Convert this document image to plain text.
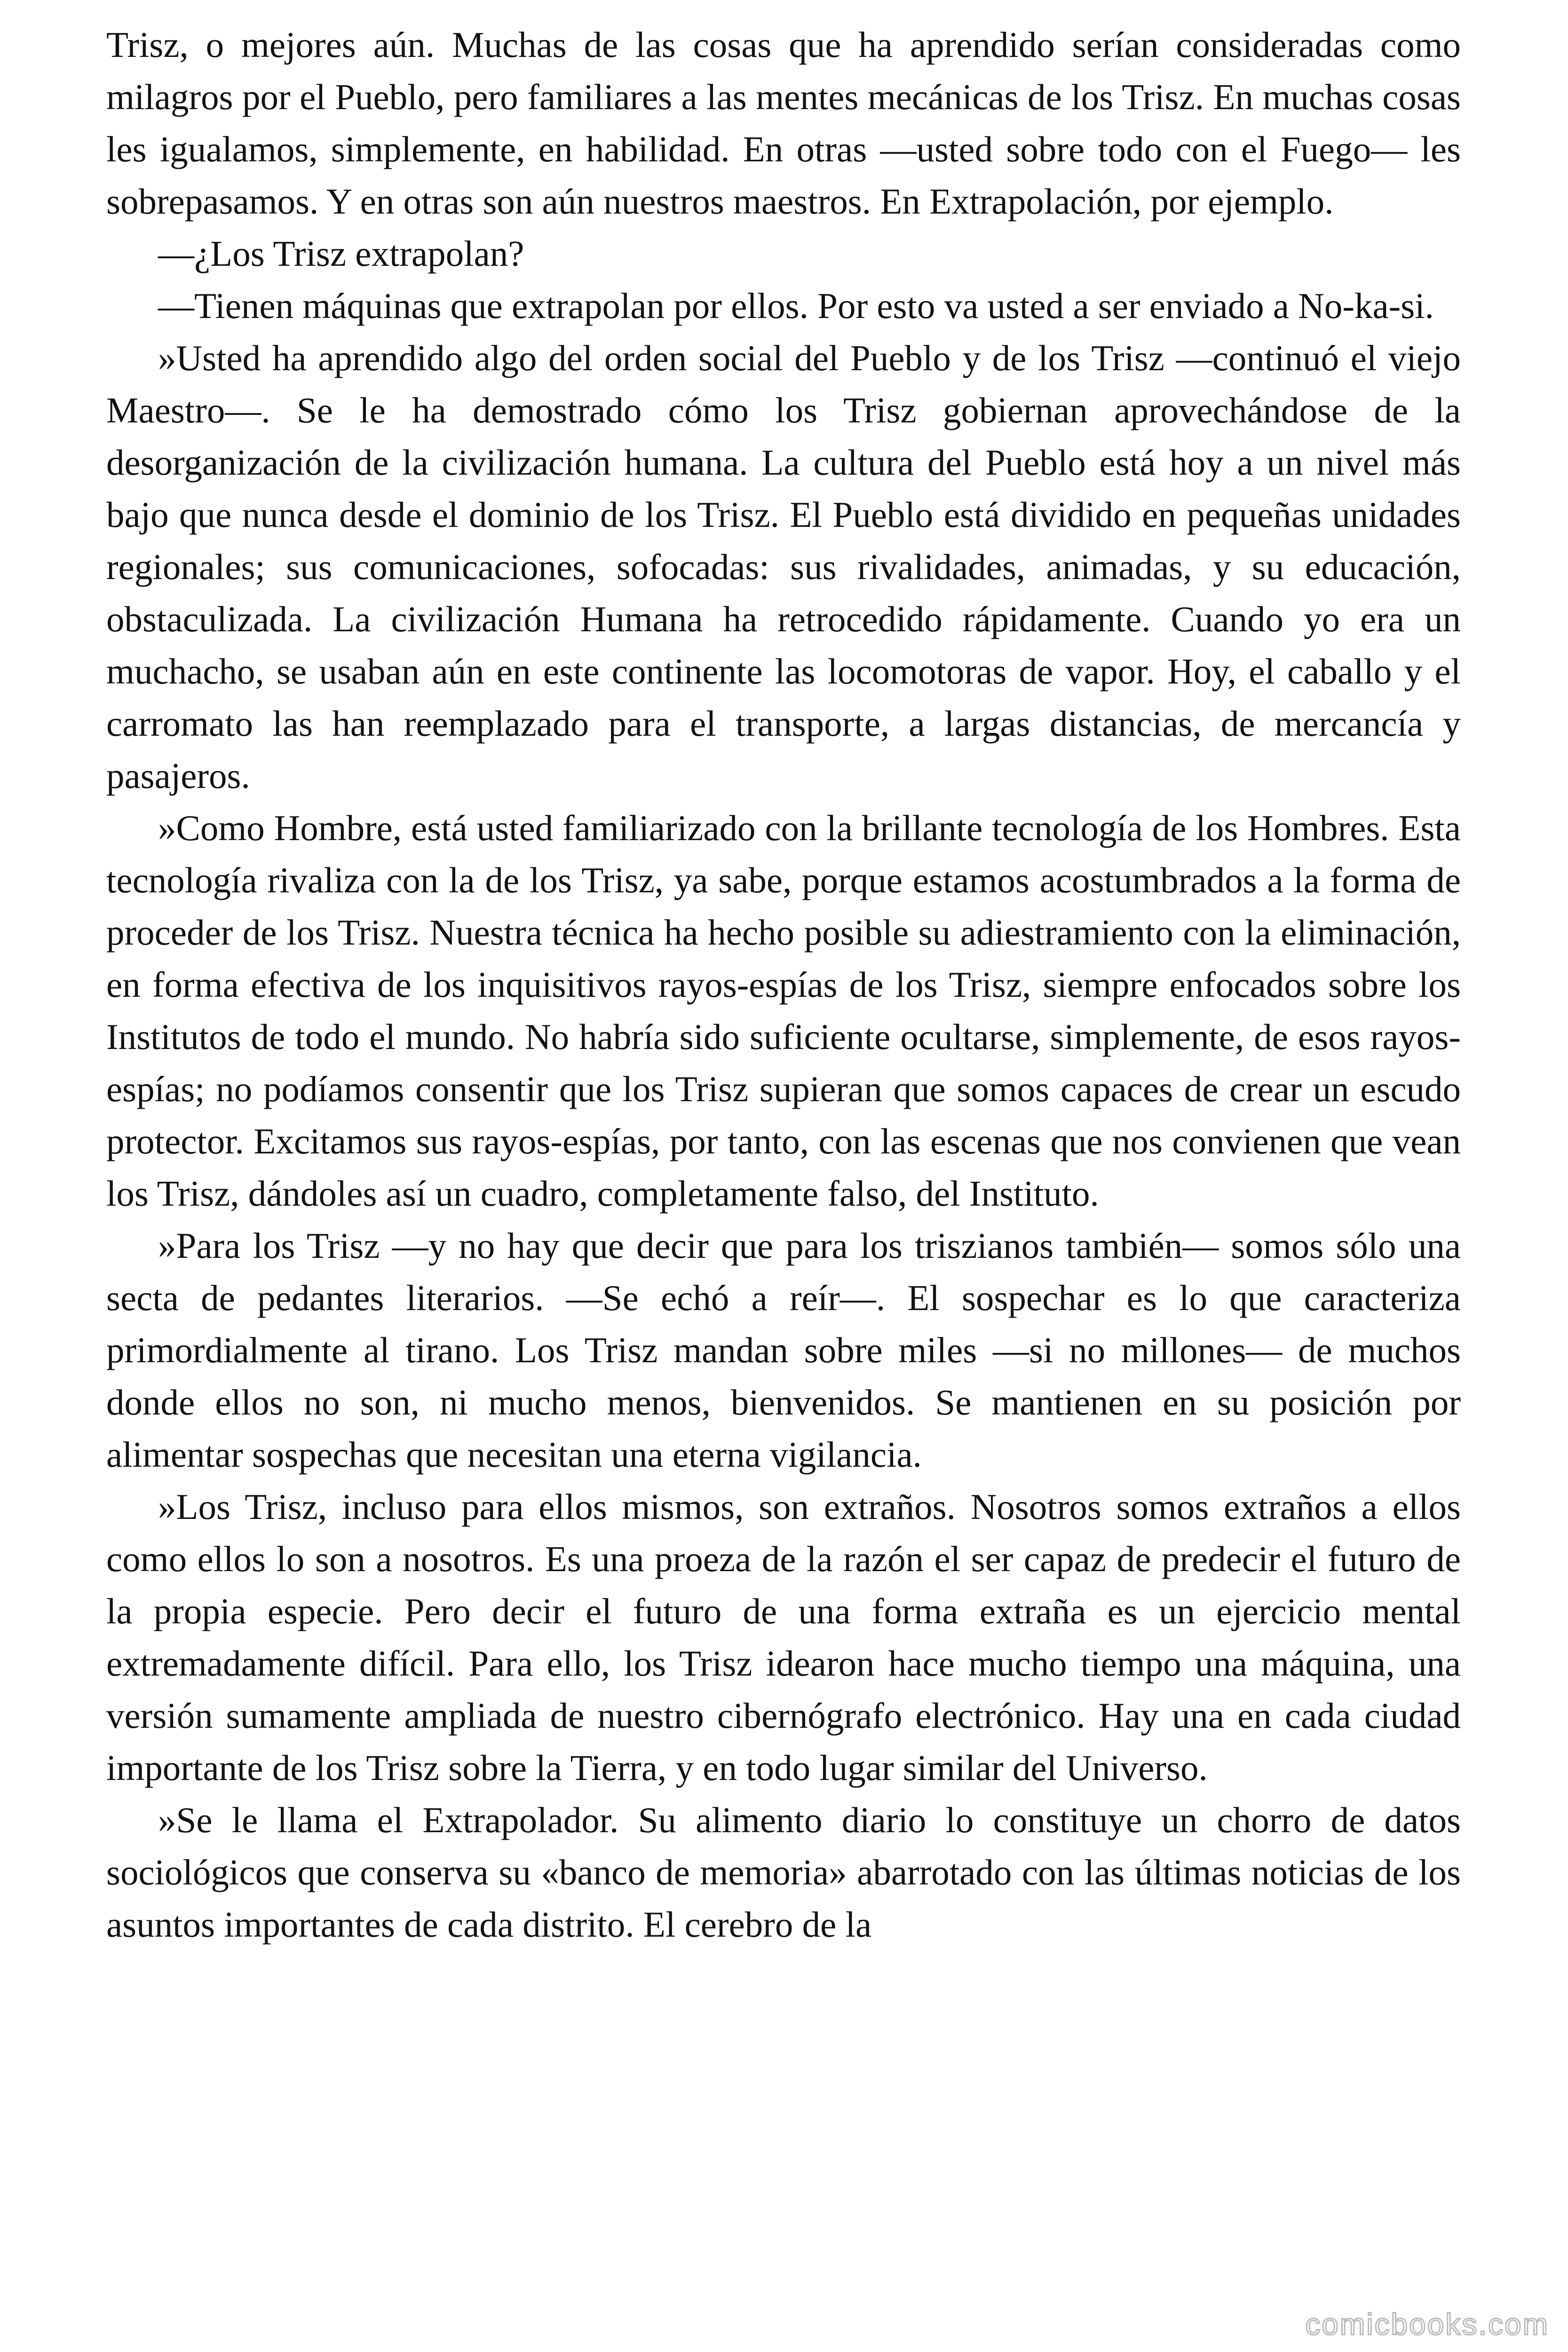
Trisz, o mejores aún. Muchas de las cosas que ha aprendido serían consideradas como milagros por el Pueblo, pero familiares a las mentes mecánicas de los Trisz. En muchas cosas les igualamos, simplemente, en habilidad. En otras —usted sobre todo con el Fuego— les sobrepasamos. Y en otras son aún nuestros maestros. En Extrapolación, por ejemplo.

—¿Los Trisz extrapolan?

—Tienen máquinas que extrapolan por ellos. Por esto va usted a ser enviado a No-ka-si.

»Usted ha aprendido algo del orden social del Pueblo y de los Trisz —continuó el viejo Maestro—. Se le ha demostrado cómo los Trisz gobiernan aprovechándose de la desorganización de la civilización humana. La cultura del Pueblo está hoy a un nivel más bajo que nunca desde el dominio de los Trisz. El Pueblo está dividido en pequeñas unidades regionales; sus comunicaciones, sofocadas: sus rivalidades, animadas, y su educación, obstaculizada. La civilización Humana ha retrocedido rápidamente. Cuando yo era un muchacho, se usaban aún en este continente las locomotoras de vapor. Hoy, el caballo y el carromato las han reemplazado para el transporte, a largas distancias, de mercancía y pasajeros.

»Como Hombre, está usted familiarizado con la brillante tecnología de los Hombres. Esta tecnología rivaliza con la de los Trisz, ya sabe, porque estamos acostumbrados a la forma de proceder de los Trisz. Nuestra técnica ha hecho posible su adiestramiento con la eliminación, en forma efectiva de los inquisitivos rayos-espías de los Trisz, siempre enfocados sobre los Institutos de todo el mundo. No habría sido suficiente ocultarse, simplemente, de esos rayos-espías; no podíamos consentir que los Trisz supieran que somos capaces de crear un escudo protector. Excitamos sus rayos-espías, por tanto, con las escenas que nos convienen que vean los Trisz, dándoles así un cuadro, completamente falso, del Instituto.

»Para los Trisz —y no hay que decir que para los triszianos también— somos sólo una secta de pedantes literarios. —Se echó a reír—. El sospechar es lo que caracteriza primordialmente al tirano. Los Trisz mandan sobre miles —si no millones— de muchos donde ellos no son, ni mucho menos, bienvenidos. Se mantienen en su posición por alimentar sospechas que necesitan una eterna vigilancia.

»Los Trisz, incluso para ellos mismos, son extraños. Nosotros somos extraños a ellos como ellos lo son a nosotros. Es una proeza de la razón el ser capaz de predecir el futuro de la propia especie. Pero decir el futuro de una forma extraña es un ejercicio mental extremadamente difícil. Para ello, los Trisz idearon hace mucho tiempo una máquina, una versión sumamente ampliada de nuestro cibernógrafo electrónico. Hay una en cada ciudad importante de los Trisz sobre la Tierra, y en todo lugar similar del Universo.

»Se le llama el Extrapolador. Su alimento diario lo constituye un chorro de datos sociológicos que conserva su «banco de memoria» abarrotado con las últimas noticias de los asuntos importantes de cada distrito. El cerebro de la

comicbooks.com
